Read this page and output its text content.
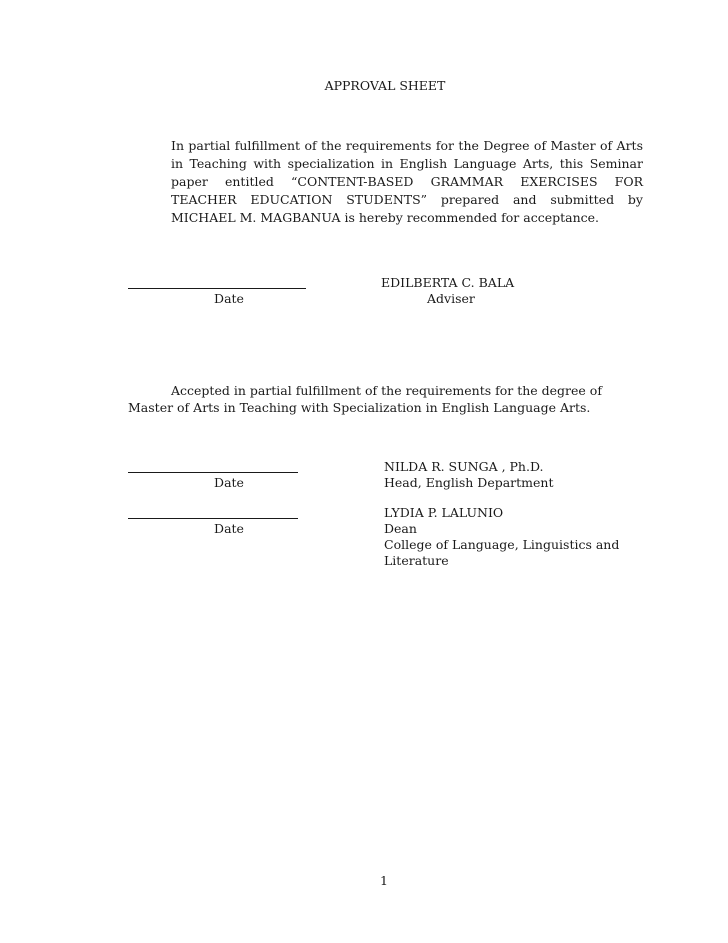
APPROVAL SHEET
In partial fulfillment of the requirements for the Degree of Master of Arts in Teaching with specialization in English Language Arts, this Seminar paper entitled “CONTENT-BASED GRAMMAR EXERCISES FOR TEACHER EDUCATION STUDENTS” prepared and submitted by MICHAEL M. MAGBANUA is hereby recommended for acceptance.
Date
EDILBERTA C. BALA
Adviser
Accepted in partial fulfillment of the requirements for the degree of
Master of Arts in Teaching with Specialization in English Language Arts.
Date
NILDA R. SUNGA , Ph.D.
Head, English Department
Date
LYDIA P. LALUNIO
Dean
College of Language, Linguistics and
Literature
1
